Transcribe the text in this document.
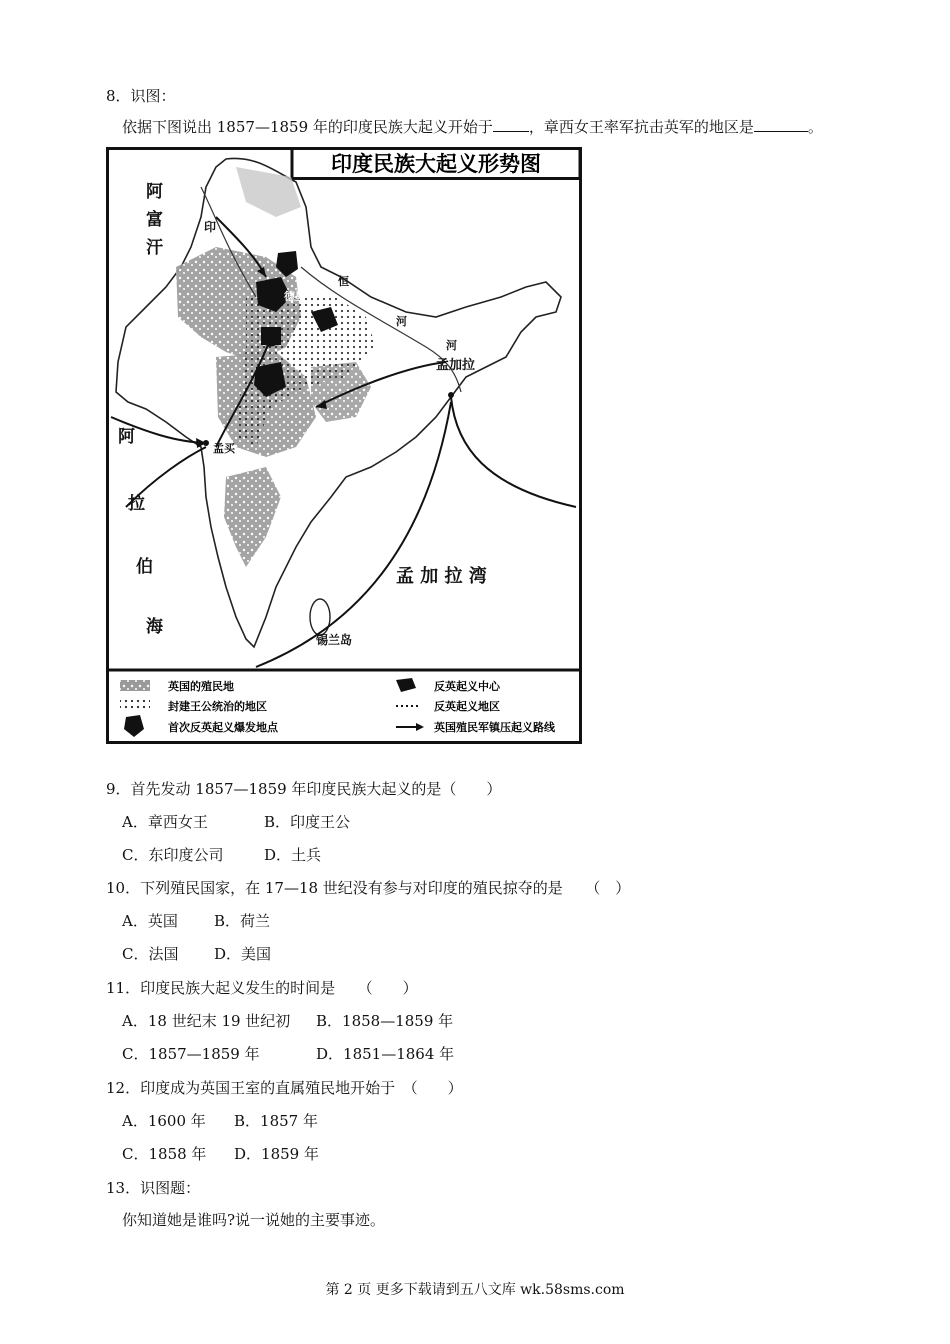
8．识图：
依据下图说出 1857—1859 年的印度民族大起义开始于 ，章西女王率军抗击英军的地区是	。
印度民族大起义形势图
阿
富
汗
阿
拉
伯
海
孟 加 拉 湾
孟加拉
锡兰岛
孟买
德里
印
恒
河
河
英国的殖民地
封建王公统治的地区
首次反英起义爆发地点
反英起义中心
反英起义地区
英国殖民军镇压起义路线
9．首先发动 1857—1859 年印度民族大起义的是（　　）
A．章西女王	B．印度王公
C．东印度公司	D．土兵
10．下列殖民国家，在 17—18 世纪没有参与对印度的殖民掠夺的是　　（　）
A．英国 B．荷兰
C．法国 D．美国
11．印度民族大起义发生的时间是　　（　　）
A．18 世纪末 19 世纪初 B．1858—1859 年
C．1857—1859 年	D．1851—1864 年
12．印度成为英国王室的直属殖民地开始于　（　　）
A．1600 年 B．1857 年
C．1858 年 D．1859 年
13．识图题：
你知道她是谁吗?说一说她的主要事迹。
第 2 页 更多下载请到五八文库 wk.58sms.com
